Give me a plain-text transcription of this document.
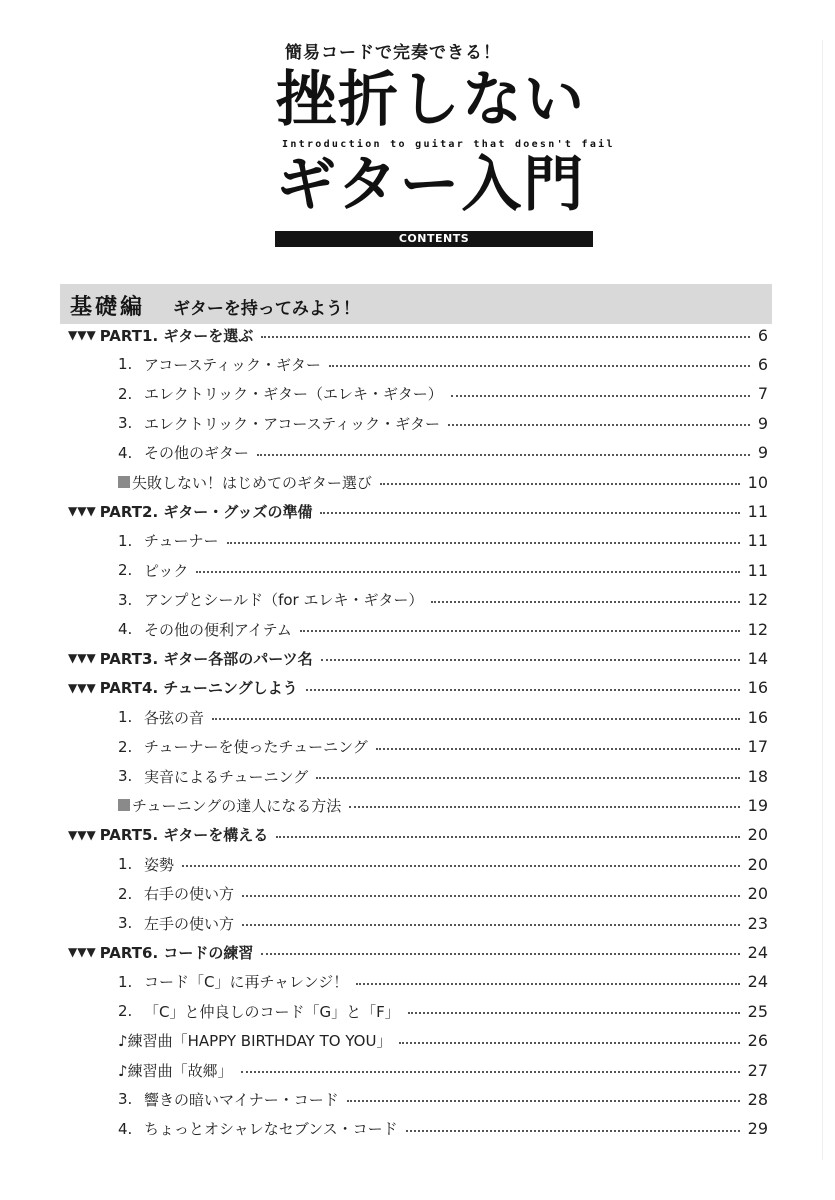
簡易コードで完奏できる！
挫折しない
Introduction to guitar that doesn't fail
ギター入門
CONTENTS
基礎編 ギターを持ってみよう！
▼▼▼ PART1. ギターを選ぶ	6
1. アコースティック・ギター	6
2. エレクトリック・ギター（エレキ・ギター）	7
3. エレクトリック・アコースティック・ギター	9
4. その他のギター	9
失敗しない！はじめてのギター選び	10
▼▼▼ PART2. ギター・グッズの準備	11
1. チューナー	11
2. ピック	11
3. アンプとシールド（for エレキ・ギター）	12
4. その他の便利アイテム	12
▼▼▼ PART3. ギター各部のパーツ名	14
▼▼▼ PART4. チューニングしよう	16
1. 各弦の音	16
2. チューナーを使ったチューニング	17
3. 実音によるチューニング	18
チューニングの達人になる方法	19
▼▼▼ PART5. ギターを構える	20
1. 姿勢	20
2. 右手の使い方	20
3. 左手の使い方	23
▼▼▼ PART6. コードの練習	24
1. コード「C」に再チャレンジ！	24
2. 「C」と仲良しのコード「G」と「F」	25
♪練習曲「HAPPY BIRTHDAY TO YOU」	26
♪練習曲「故郷」	27
3. 響きの暗いマイナー・コード	28
4. ちょっとオシャレなセブンス・コード	29
